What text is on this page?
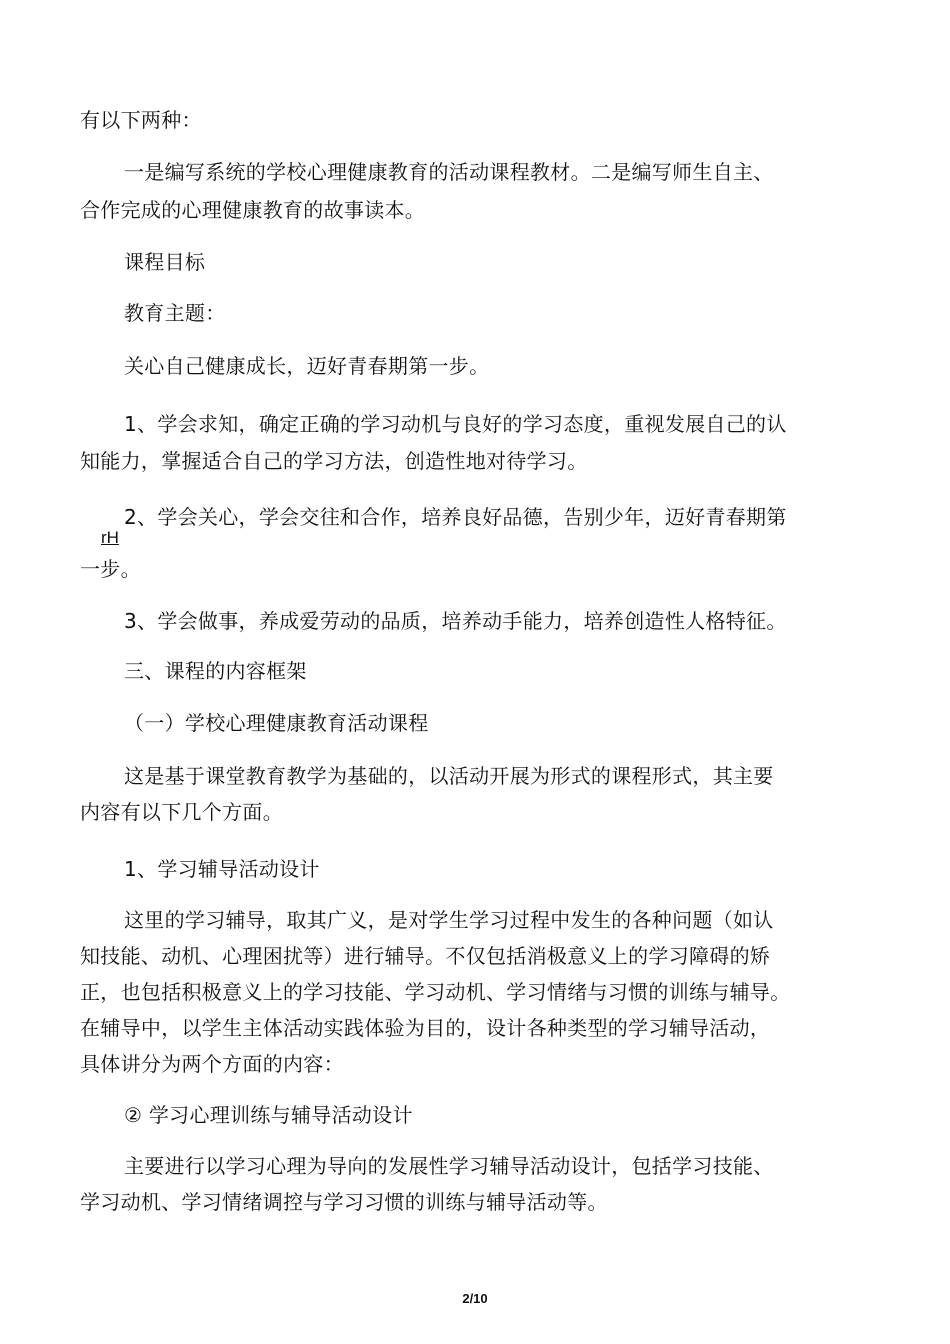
有以下两种：
一是编写系统的学校心理健康教育的活动课程教材。二是编写师生自主、
合作完成的心理健康教育的故事读本。
课程目标
教育主题：
关心自己健康成长，迈好青春期第一步。
1、学会求知，确定正确的学习动机与良好的学习态度，重视发展自己的认
知能力，掌握适合自己的学习方法，创造性地对待学习。
2、学会关心，学会交往和合作，培养良好品德，告别少年，迈好青春期第
rH
一步。
3、学会做事，养成爱劳动的品质，培养动手能力，培养创造性人格特征。
三、课程的内容框架
（一）学校心理健康教育活动课程
这是基于课堂教育教学为基础的，以活动开展为形式的课程形式，其主要
内容有以下几个方面。
1、学习辅导活动设计
这里的学习辅导，取其广义，是对学生学习过程中发生的各种问题（如认
知技能、动机、心理困扰等）进行辅导。不仅包括消极意义上的学习障碍的矫
正，也包括积极意义上的学习技能、学习动机、学习情绪与习惯的训练与辅导。
在辅导中，以学生主体活动实践体验为目的，设计各种类型的学习辅导活动，
具体讲分为两个方面的内容：
② 学习心理训练与辅导活动设计
主要进行以学习心理为导向的发展性学习辅导活动设计，包括学习技能、
学习动机、学习情绪调控与学习习惯的训练与辅导活动等。
2/10
